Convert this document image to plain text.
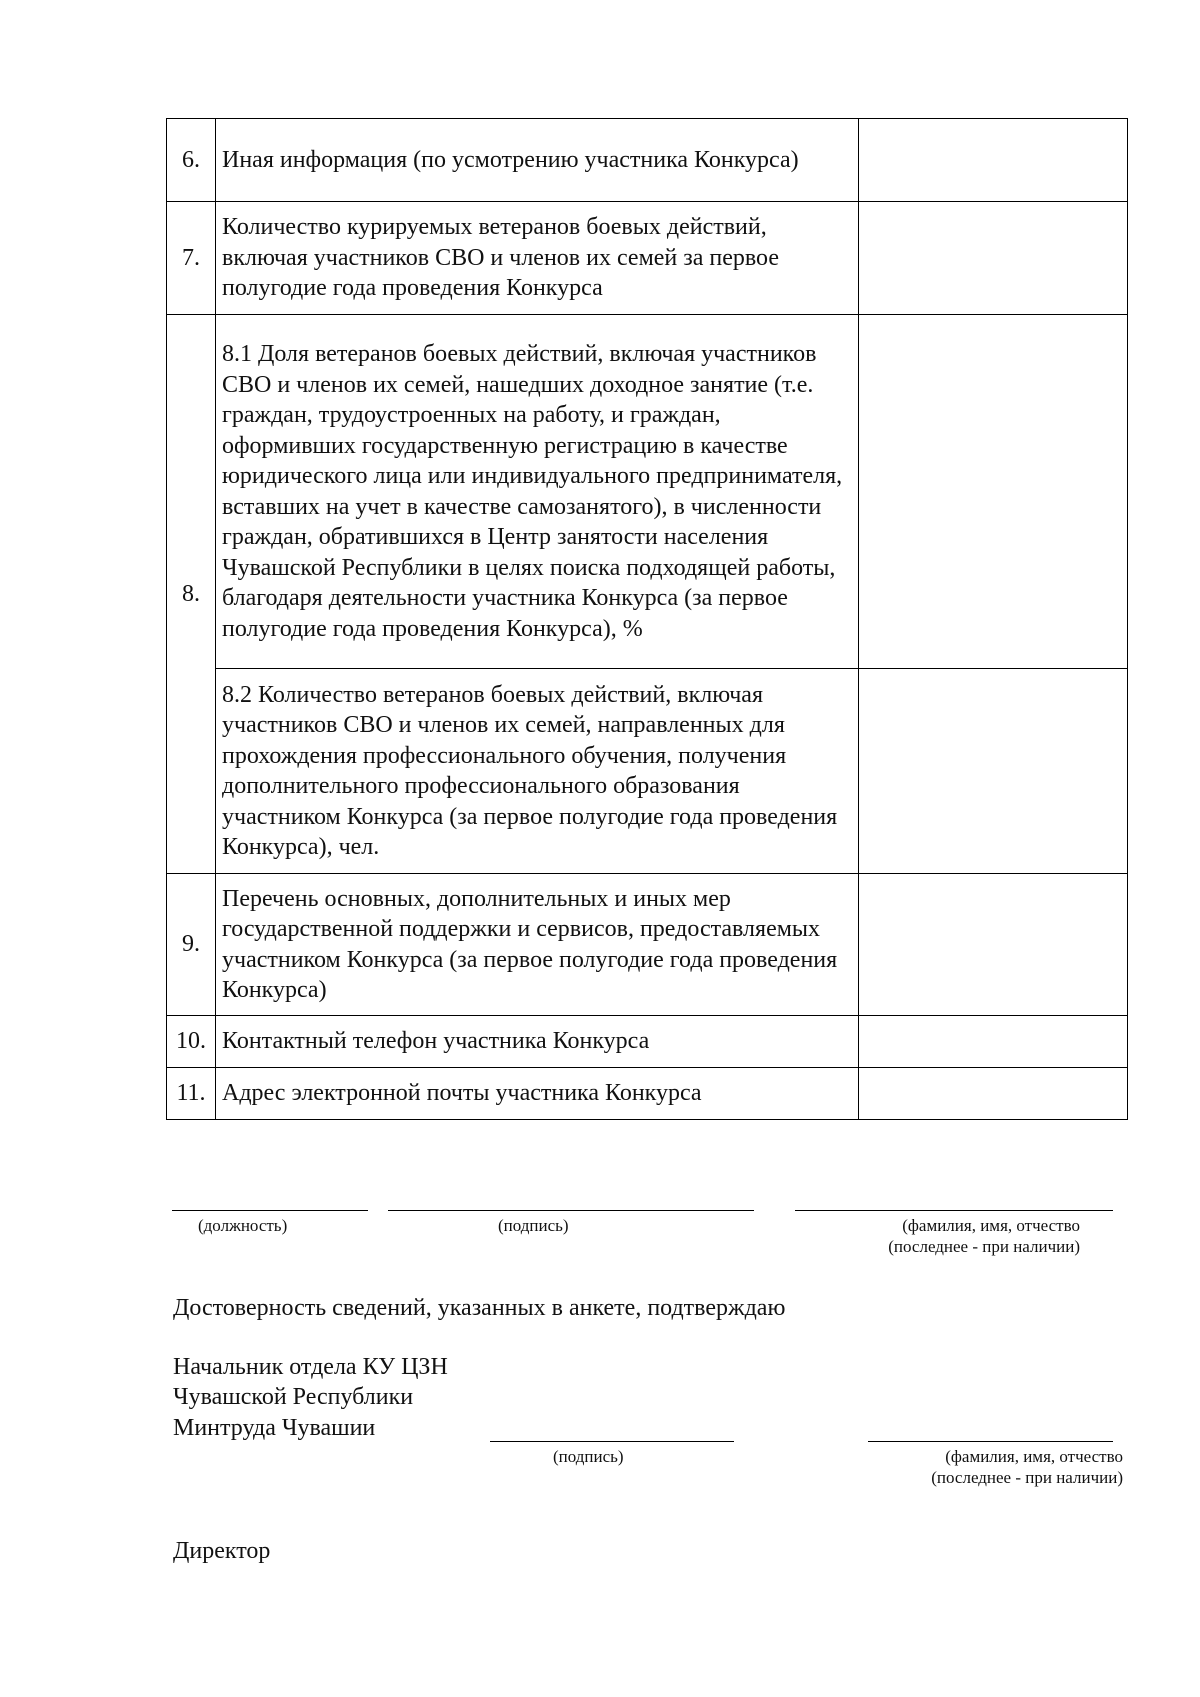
6.	Иная информация (по усмотрению участника Конкурса)	
7.	Количество курируемых ветеранов боевых действий, включая участников СВО и членов их семей за первое полугодие года проведения Конкурса	
8.	8.1 Доля ветеранов боевых действий, включая участников СВО и членов их семей, нашедших доходное занятие (т.е. граждан, трудоустроенных на работу, и граждан, оформивших государственную регистрацию в качестве юридического лица или индивидуального предпринимателя, вставших на учет в качестве самозанятого), в численности граждан, обратившихся в Центр занятости населения Чувашской Республики в целях поиска подходящей работы, благодаря деятельности участника Конкурса (за первое полугодие года проведения Конкурса), %	
	8.2 Количество ветеранов боевых действий, включая участников СВО и членов их семей, направленных для прохождения профессионального обучения, получения дополнительного профессионального образования участником Конкурса (за первое полугодие года проведения Конкурса), чел.	
9.	Перечень основных, дополнительных и иных мер государственной поддержки и сервисов, предоставляемых участником Конкурса (за первое полугодие года проведения Конкурса)	
10.	Контактный телефон участника Конкурса	
11.	Адрес электронной почты участника Конкурса	
(должность)	(подпись)	(фамилия, имя, отчество
(последнее - при наличии)
Достоверность сведений, указанных в анкете, подтверждаю
Начальник отдела КУ ЦЗН
Чувашской Республики
Минтруда Чувашии
(подпись)	(фамилия, имя, отчество
(последнее - при наличии)
Директор
